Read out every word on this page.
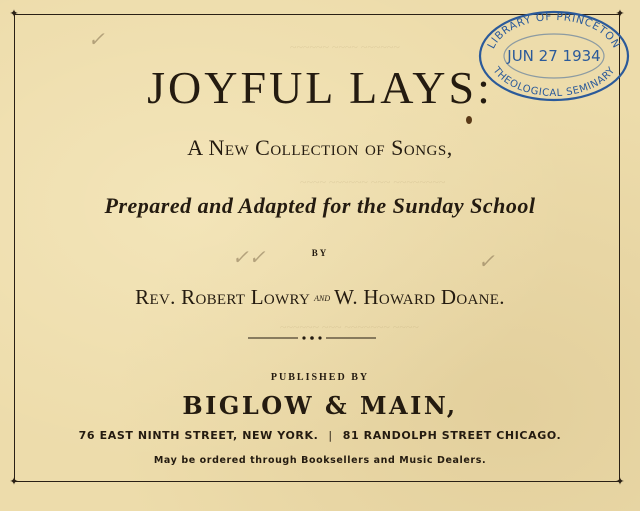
~~~~~~ ~~~~ ~~~~~~
~~~~ ~~~~~~ ~~~ ~~~~~~~~
~~~~~~ ~~~ ~~~~~~~ ~~~~
✦	✦
✦	✦
✓
✓✓	✓
JOYFUL LAYS:
A New Collection of Songs,
Prepared and Adapted for the Sunday School
BY
Rev. Robert Lowry AND W. Howard Doane.
PUBLISHED BY
BIGLOW & MAIN,
76 EAST NINTH STREET, NEW YORK. | 81 RANDOLPH STREET CHICAGO.
May be ordered through Booksellers and Music Dealers.
LIBRARY OF PRINCETON
THEOLOGICAL SEMINARY
JUN 27 1934
